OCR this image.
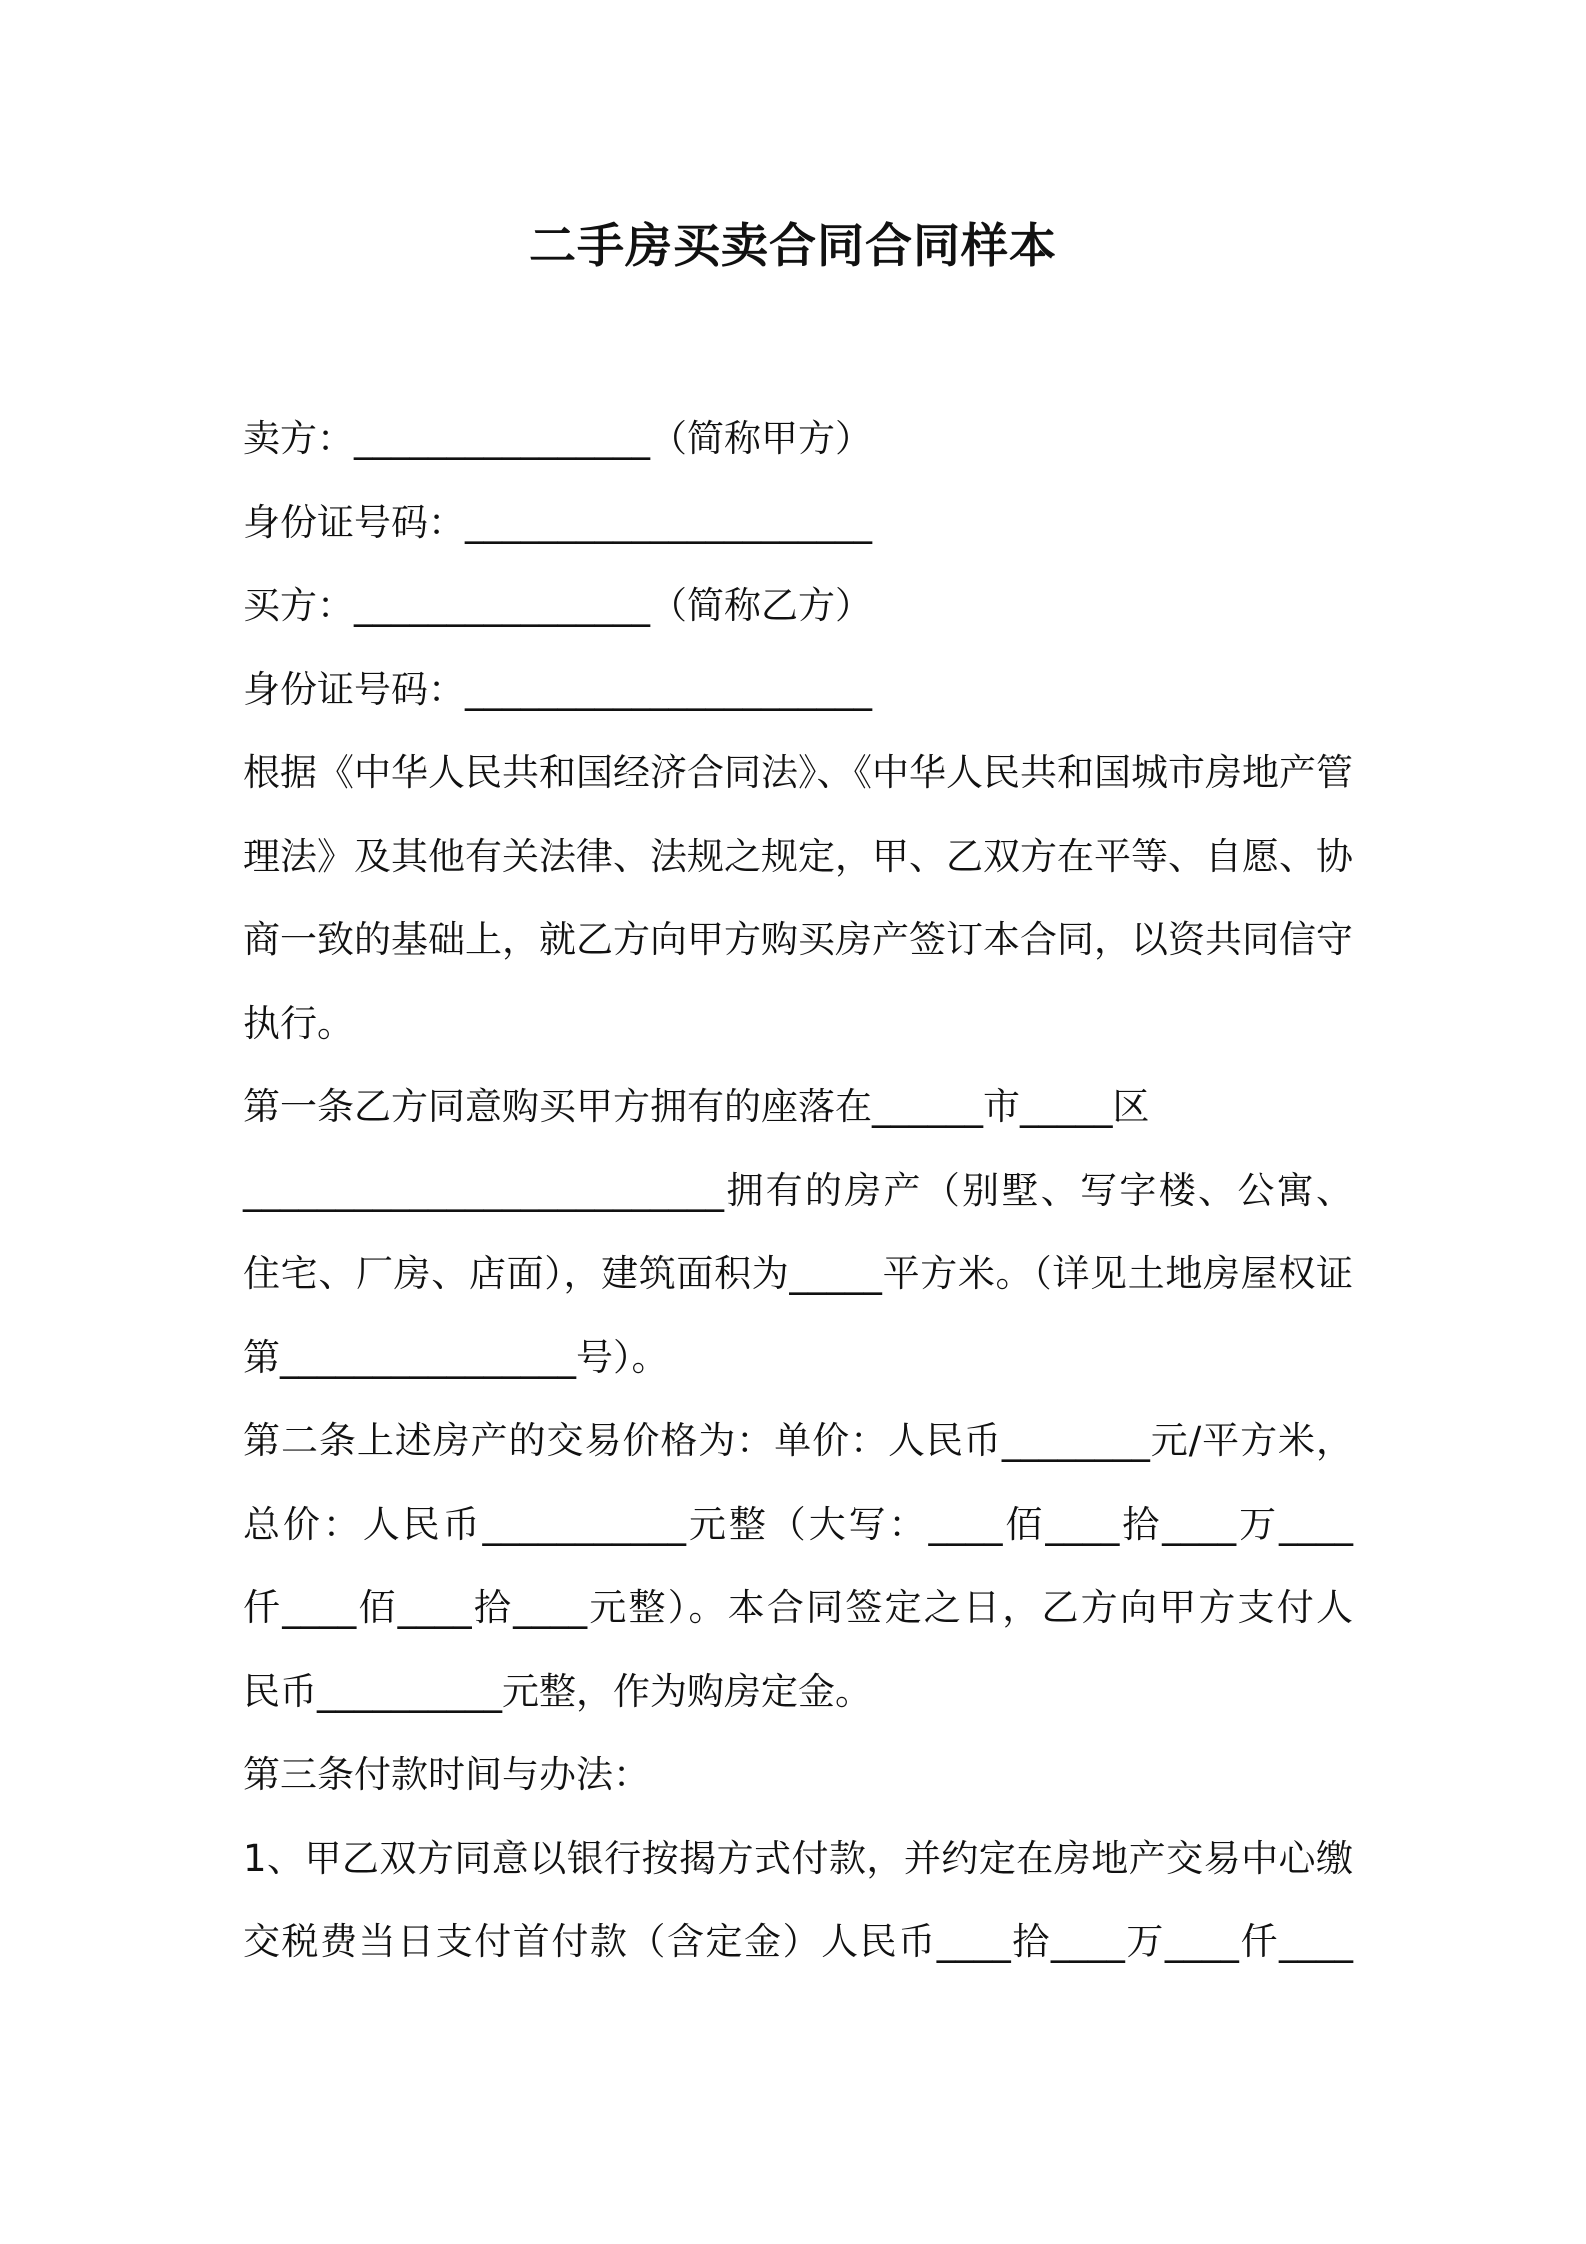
二手房买卖合同合同样本
卖方：________________（简称甲方）
身份证号码：______________________
买方：________________（简称乙方）
身份证号码：______________________
根据《中华人民共和国经济合同法》、《中华人民共和国城市房地产管
理法》及其他有关法律、法规之规定，甲、乙双方在平等、自愿、协
商一致的基础上，就乙方向甲方购买房产签订本合同，以资共同信守
执行。
第一条乙方同意购买甲方拥有的座落在______市_____区
__________________________拥有的房产（别墅、写字楼、公寓、
住宅、厂房、店面），建筑面积为_____平方米。（详见土地房屋权证
第________________号）。
第二条上述房产的交易价格为：单价：人民币________元/平方米，
总价：人民币___________元整（大写：____佰____拾____万____
仟____佰____拾____元整）。本合同签定之日，乙方向甲方支付人
民币__________元整，作为购房定金。
第三条付款时间与办法：
1、甲乙双方同意以银行按揭方式付款，并约定在房地产交易中心缴
交税费当日支付首付款（含定金）人民币____拾____万____仟____
